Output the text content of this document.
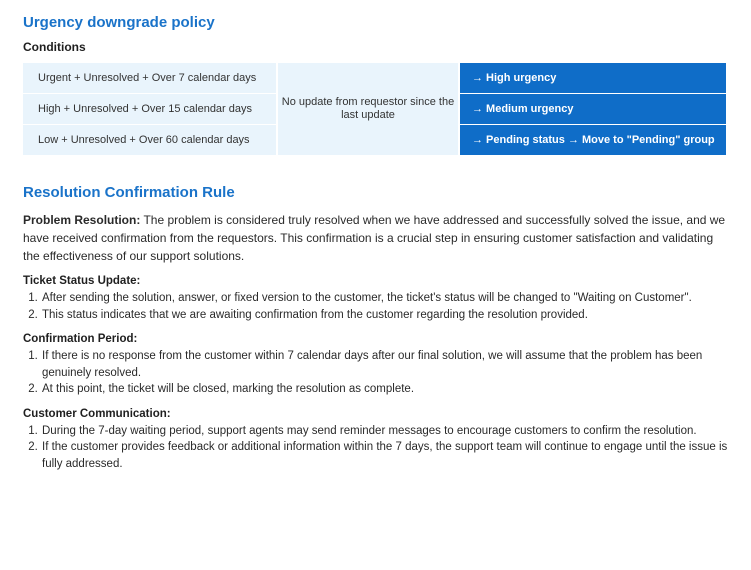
Urgency downgrade policy
Conditions
Urgent + Unresolved + Over 7 calendar days	No update from requestor since the last update	→ High urgency
High + Unresolved + Over 15 calendar days		→ Medium urgency
Low + Unresolved + Over 60 calendar days		→ Pending status → Move to "Pending" group
Resolution Confirmation Rule

Problem Resolution: The problem is considered truly resolved when we have addressed and successfully solved the issue, and we have received confirmation from the requestors. This confirmation is a crucial step in ensuring customer satisfaction and validating the effectiveness of our support solutions.

Ticket Status Update:
1. After sending the solution, answer, or fixed version to the customer, the ticket's status will be changed to "Waiting on Customer".
2. This status indicates that we are awaiting confirmation from the customer regarding the resolution provided.
Confirmation Period:
1. If there is no response from the customer within 7 calendar days after our final solution, we will assume that the problem has been genuinely resolved.
2. At this point, the ticket will be closed, marking the resolution as complete.
Customer Communication:
1. During the 7-day waiting period, support agents may send reminder messages to encourage customers to confirm the resolution.
2. If the customer provides feedback or additional information within the 7 days, the support team will continue to engage until the issue is fully addressed.
